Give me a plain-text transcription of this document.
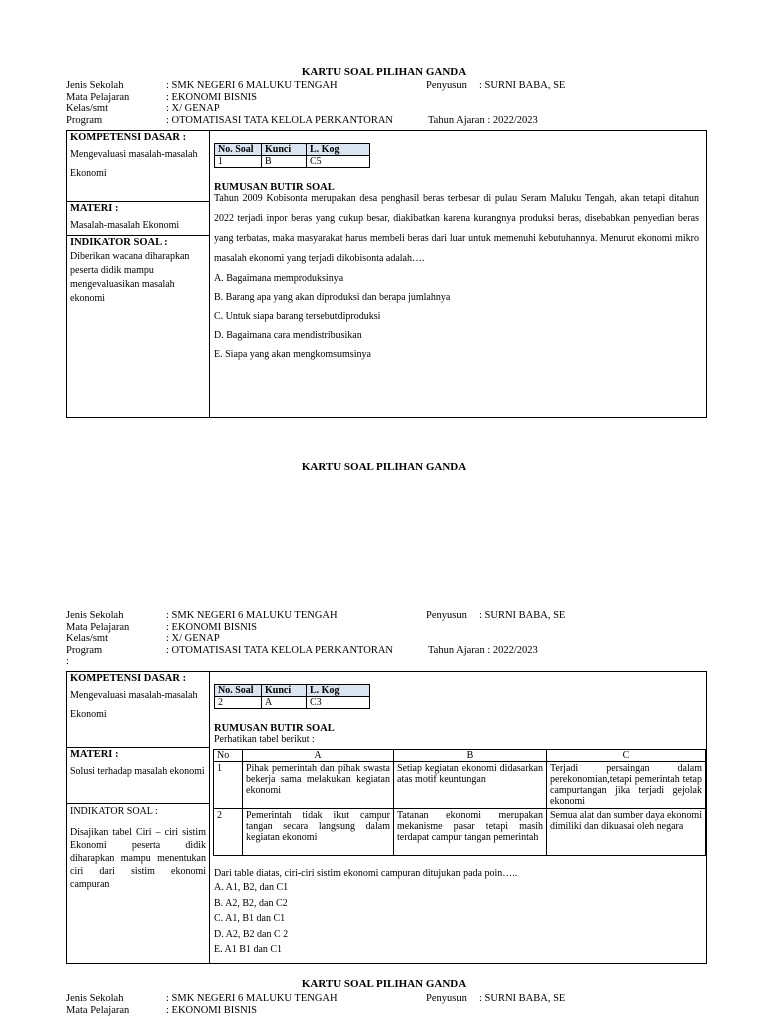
KARTU SOAL PILIHAN GANDA
Jenis Sekolah	: SMK NEGERI 6 MALUKU TENGAH	Penyusun : SURNI BABA, SE
Mata Pelajaran	: EKONOMI BISNIS
Kelas/smt	: X/ GENAP
Program	: OTOMATISASI TATA KELOLA PERKANTORAN	Tahun Ajaran : 2022/2023
KOMPETENSI DASAR :
Mengevaluasi masalah-masalah Ekonomi
MATERI :
Masalah-masalah Ekonomi
INDIKATOR SOAL :
Diberikan wacana diharapkan peserta didik mampu mengevaluasikan masalah ekonomi
No. Soal	Kunci	L. Kog
1	B	C5
RUMUSAN BUTIR SOAL
Tahun 2009 Kobisonta merupakan desa penghasil beras terbesar di pulau Seram Maluku Tengah, akan tetapi ditahun 2022 terjadi inpor beras yang cukup besar, diakibatkan karena kurangnya produksi beras, disebabkan penyedian beras yang terbatas, maka masyarakat harus membeli beras dari luar untuk memenuhi kebutuhannya. Menurut ekonomi mikro masalah ekonomi yang terjadi dikobisonta adalah….
A. Bagaimana memproduksinya
B. Barang apa yang akan diproduksi dan berapa jumlahnya
C. Untuk siapa barang tersebutdiproduksi
D. Bagaimana cara mendistribusikan
E. Siapa yang akan mengkomsumsinya
KARTU SOAL PILIHAN GANDA
Jenis Sekolah	: SMK NEGERI 6 MALUKU TENGAH	Penyusun : SURNI BABA, SE
Mata Pelajaran	: EKONOMI BISNIS
Kelas/smt	: X/ GENAP
Program	: OTOMATISASI TATA KELOLA PERKANTORAN	Tahun Ajaran : 2022/2023
:
KOMPETENSI DASAR :
Mengevaluasi masalah-masalah Ekonomi
MATERI :
Solusi terhadap masalah ekonomi
INDIKATOR SOAL :
Disajikan tabel Ciri – ciri sistim Ekonomi peserta didik diharapkan mampu menentukan ciri dari sistim ekonomi campuran
No. Soal	Kunci	L. Kog
2	A	C3
RUMUSAN BUTIR SOAL
Perhatikan tabel berikut :
No	A	B	C
1	Pihak pemerintah dan pihak swasta bekerja sama melakukan kegiatan ekonomi	Setiap kegiatan ekonomi didasarkan atas motif keuntungan	Terjadi persaingan dalam perekonomian,tetapi pemerintah tetap campurtangan jika terjadi gejolak ekonomi
2	Pemerintah tidak ikut campur tangan secara langsung dalam kegiatan ekonomi	Tatanan ekonomi merupakan mekanisme pasar tetapi masih terdapat campur tangan pemerintah	Semua alat dan sumber daya ekonomi dimiliki dan dikuasai oleh negara
Dari table diatas, ciri-ciri sistim ekonomi campuran ditujukan pada poin…..
A. A1, B2, dan C1
B. A2, B2, dan C2
C. A1, B1 dan C1
D. A2, B2 dan C 2
E. A1 B1 dan C1
KARTU SOAL PILIHAN GANDA
Jenis Sekolah	: SMK NEGERI 6 MALUKU TENGAH	Penyusun : SURNI BABA, SE
Mata Pelajaran	: EKONOMI BISNIS
